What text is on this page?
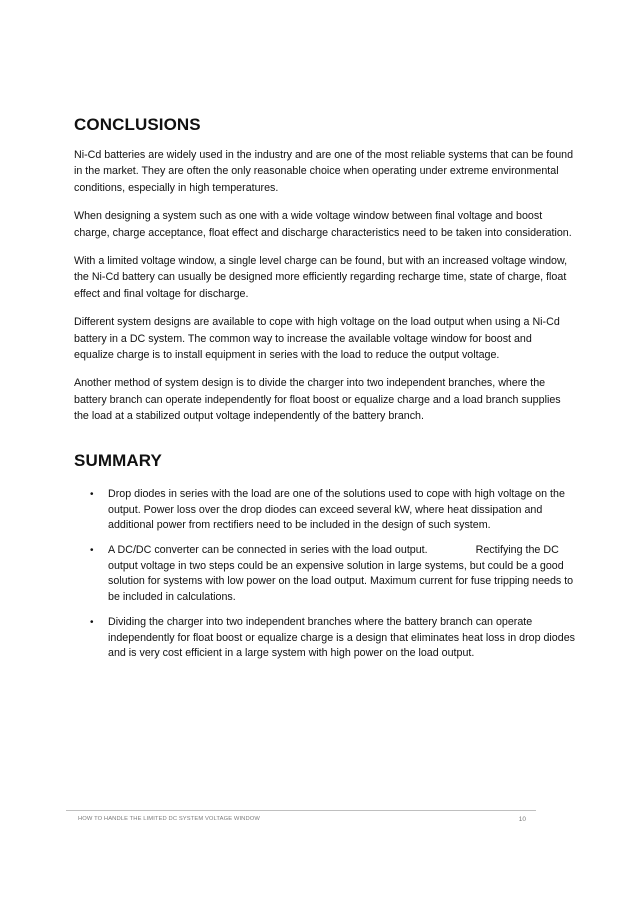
CONCLUSIONS

Ni-Cd batteries are widely used in the industry and are one of the most reliable systems that can be found in the market. They are often the only reasonable choice when operating under extreme environmental conditions, especially in high temperatures.

When designing a system such as one with a wide voltage window between final voltage and boost charge, charge acceptance, float effect and discharge characteristics need to be taken into consideration.

With a limited voltage window, a single level charge can be found, but with an increased voltage window, the Ni-Cd battery can usually be designed more efficiently regarding recharge time, state of charge, float effect and final voltage for discharge.

Different system designs are available to cope with high voltage on the load output when using a Ni-Cd battery in a DC system. The common way to increase the available voltage window for boost and equalize charge is to install equipment in series with the load to reduce the output voltage.

Another method of system design is to divide the charger into two independent branches, where the battery branch can operate independently for float boost or equalize charge and a load branch supplies the load at a stabilized output voltage independently of the battery branch.

SUMMARY
• Drop diodes in series with the load are one of the solutions used to cope with high voltage on the output. Power loss over the drop diodes can exceed several kW, where heat dissipation and additional power from rectifiers need to be included in the design of such system.
• A DC/DC converter can be connected in series with the load output.	Rectifying the DC output voltage in two steps could be an expensive solution in large systems, but could be a good solution for systems with low power on the load output. Maximum current for fuse tripping needs to be included in calculations.
• Dividing the charger into two independent branches where the battery branch can operate independently for float boost or equalize charge is a design that eliminates heat loss in drop diodes and is very cost efficient in a large system with high power on the load output.
HOW TO HANDLE THE LIMITED DC SYSTEM VOLTAGE WINDOW	10
